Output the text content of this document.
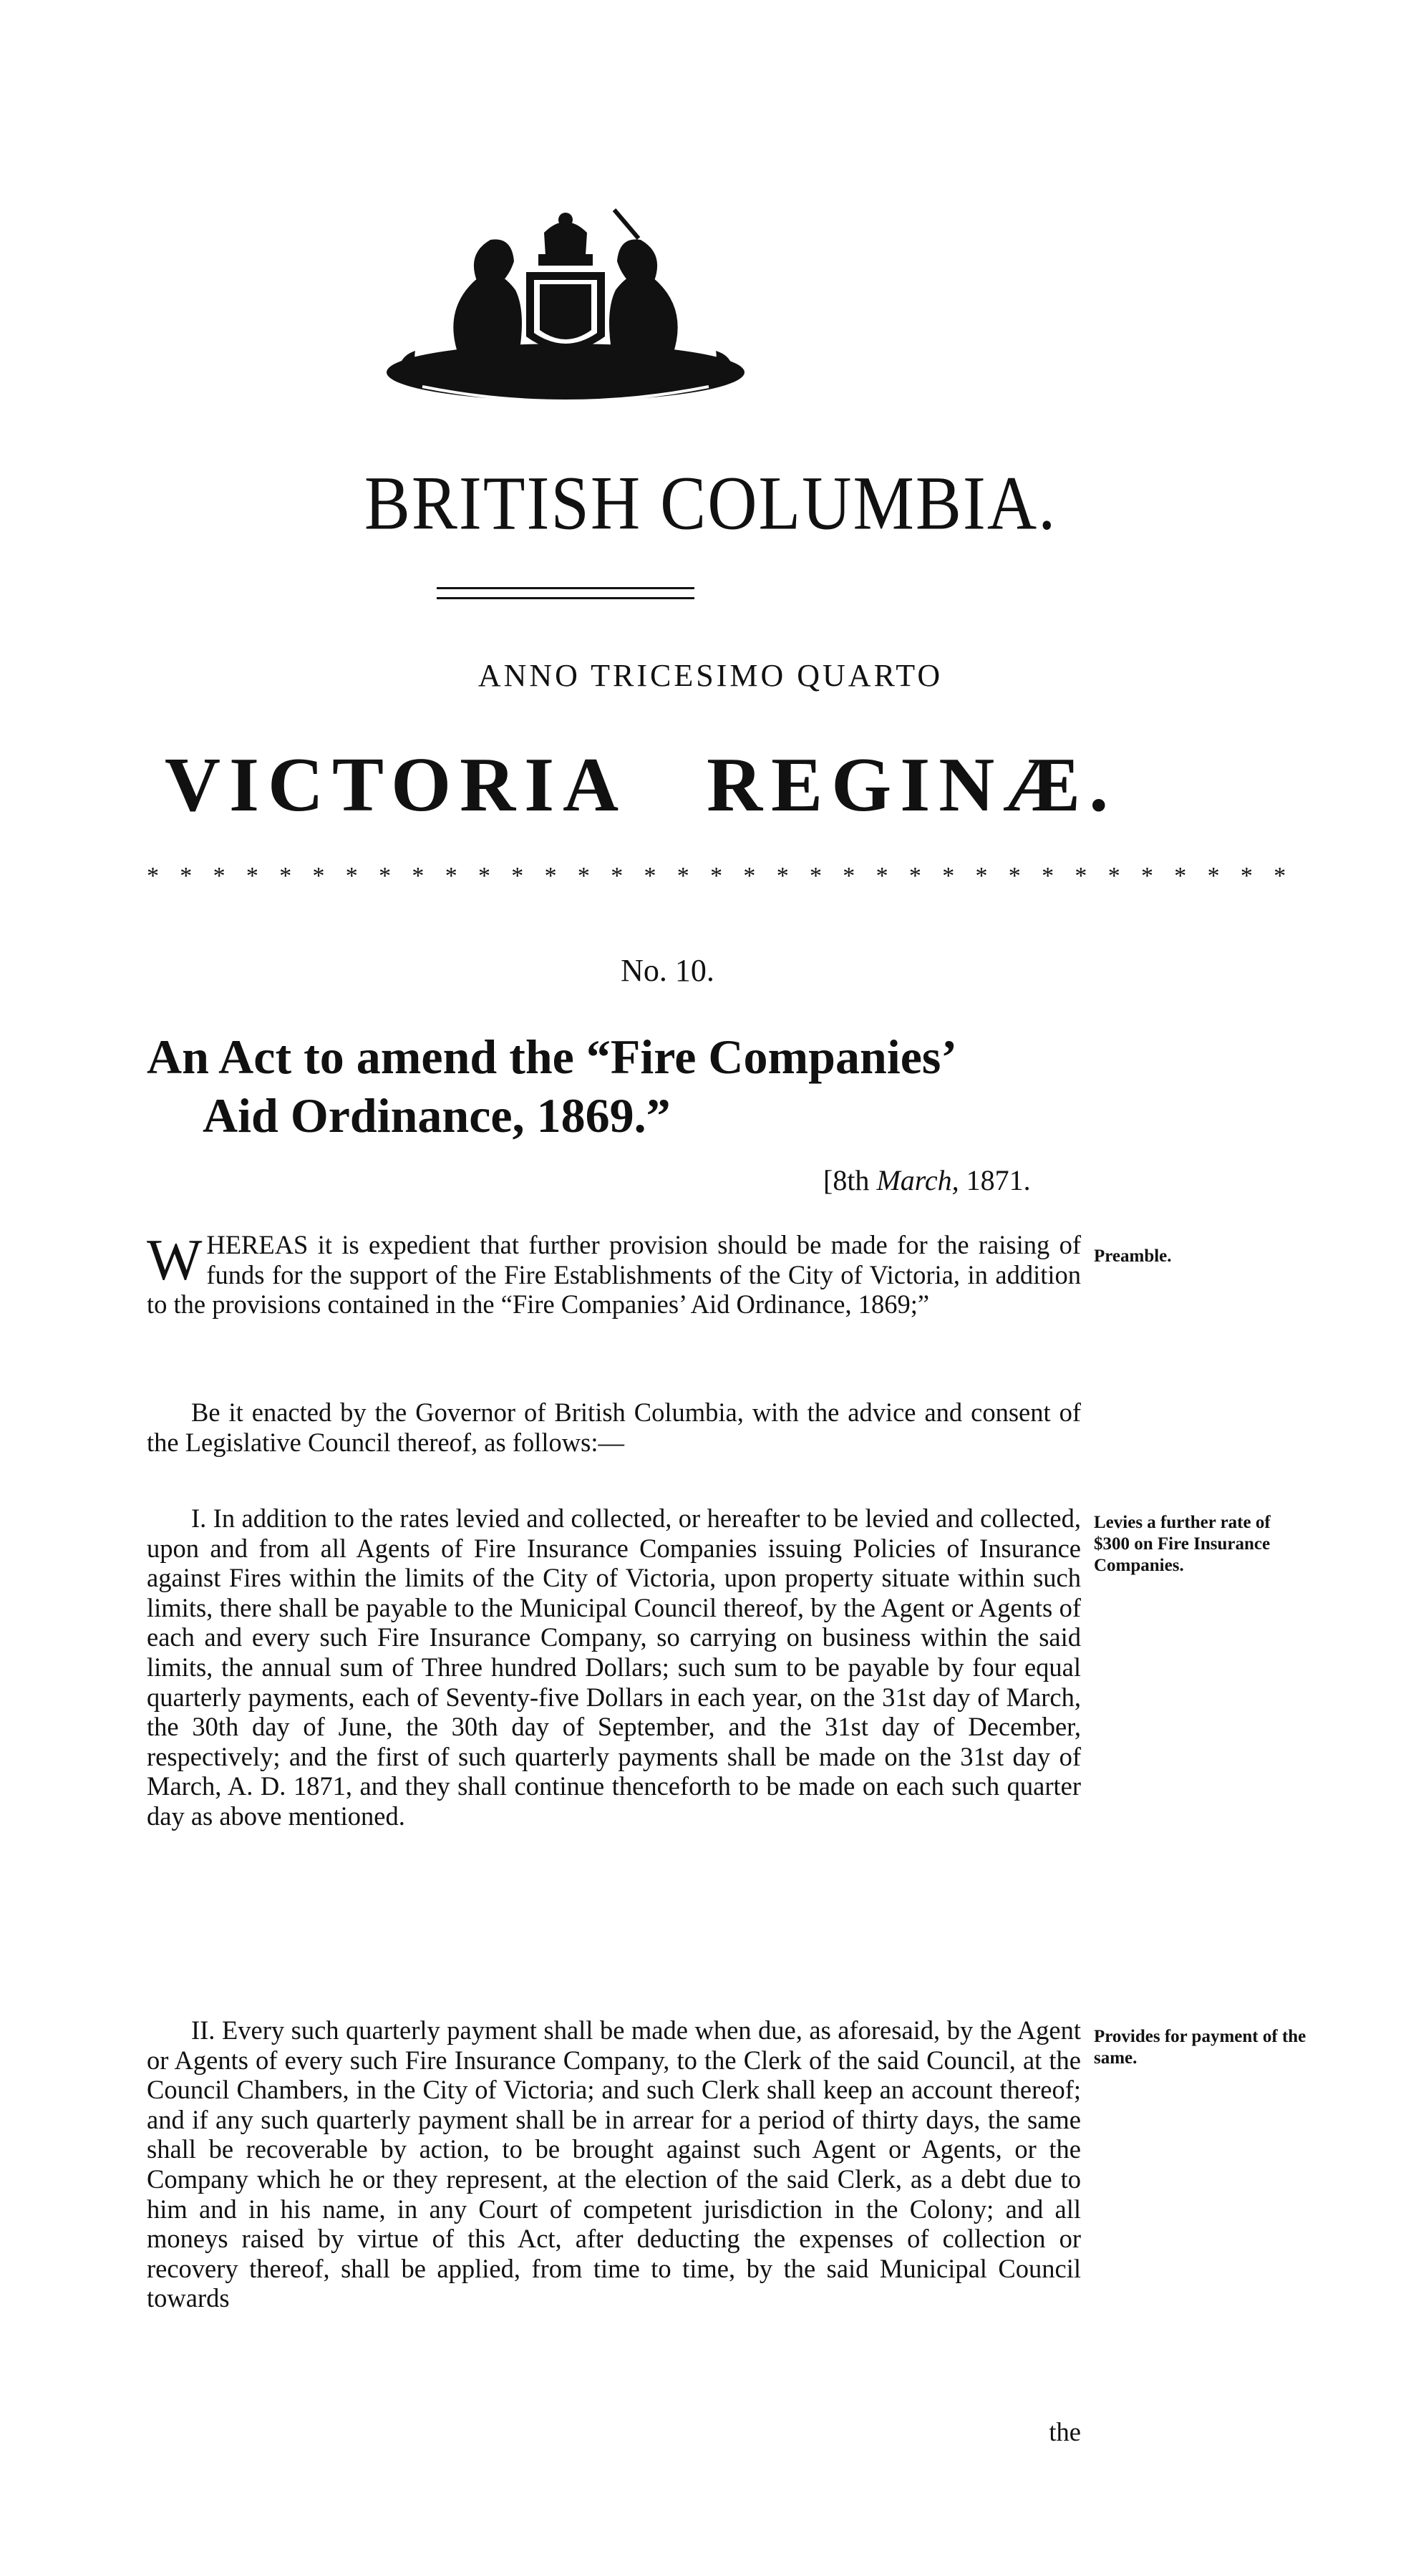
BRITISH COLUMBIA.
ANNO TRICESIMO QUARTO
VICTORIA   REGINÆ.
* * * * * * * * * * * * * * * * * * * * * * * * * * * * * * * * * * *
No. 10.
An Act to amend the “Fire Companies’
Aid Ordinance, 1869.”
[8th March, 1871.
W HEREAS it is expedient that further provision should be made for the raising of funds for the support of the Fire Establishments of the City of Victoria, in addition to the provisions contained in the “Fire Companies’ Aid Ordinance, 1869;”

Preamble.

Be it enacted by the Governor of British Columbia, with the advice and consent of the Legislative Council thereof, as follows:—

I. In addition to the rates levied and collected, or hereafter to be levied and collected, upon and from all Agents of Fire Insurance Companies issuing Policies of Insurance against Fires within the limits of the City of Victoria, upon property situate within such limits, there shall be payable to the Municipal Council thereof, by the Agent or Agents of each and every such Fire Insurance Company, so carrying on business within the said limits, the annual sum of Three hundred Dollars; such sum to be payable by four equal quarterly payments, each of Seventy-five Dollars in each year, on the 31st day of March, the 30th day of June, the 30th day of September, and the 31st day of December, respectively; and the first of such quarterly payments shall be made on the 31st day of March, A. D. 1871, and they shall continue thenceforth to be made on each such quarter day as above mentioned.

Levies a further rate of $300 on Fire Insurance Companies.

II. Every such quarterly payment shall be made when due, as aforesaid, by the Agent or Agents of every such Fire Insurance Company, to the Clerk of the said Council, at the Council Chambers, in the City of Victoria; and such Clerk shall keep an account thereof; and if any such quarterly payment shall be in arrear for a period of thirty days, the same shall be recoverable by action, to be brought against such Agent or Agents, or the Company which he or they represent, at the election of the said Clerk, as a debt due to him and in his name, in any Court of competent jurisdiction in the Colony; and all moneys raised by virtue of this Act, after deducting the expenses of collection or recovery thereof, shall be applied, from time to time, by the said Municipal Council towards

Provides for payment of the same.
the
